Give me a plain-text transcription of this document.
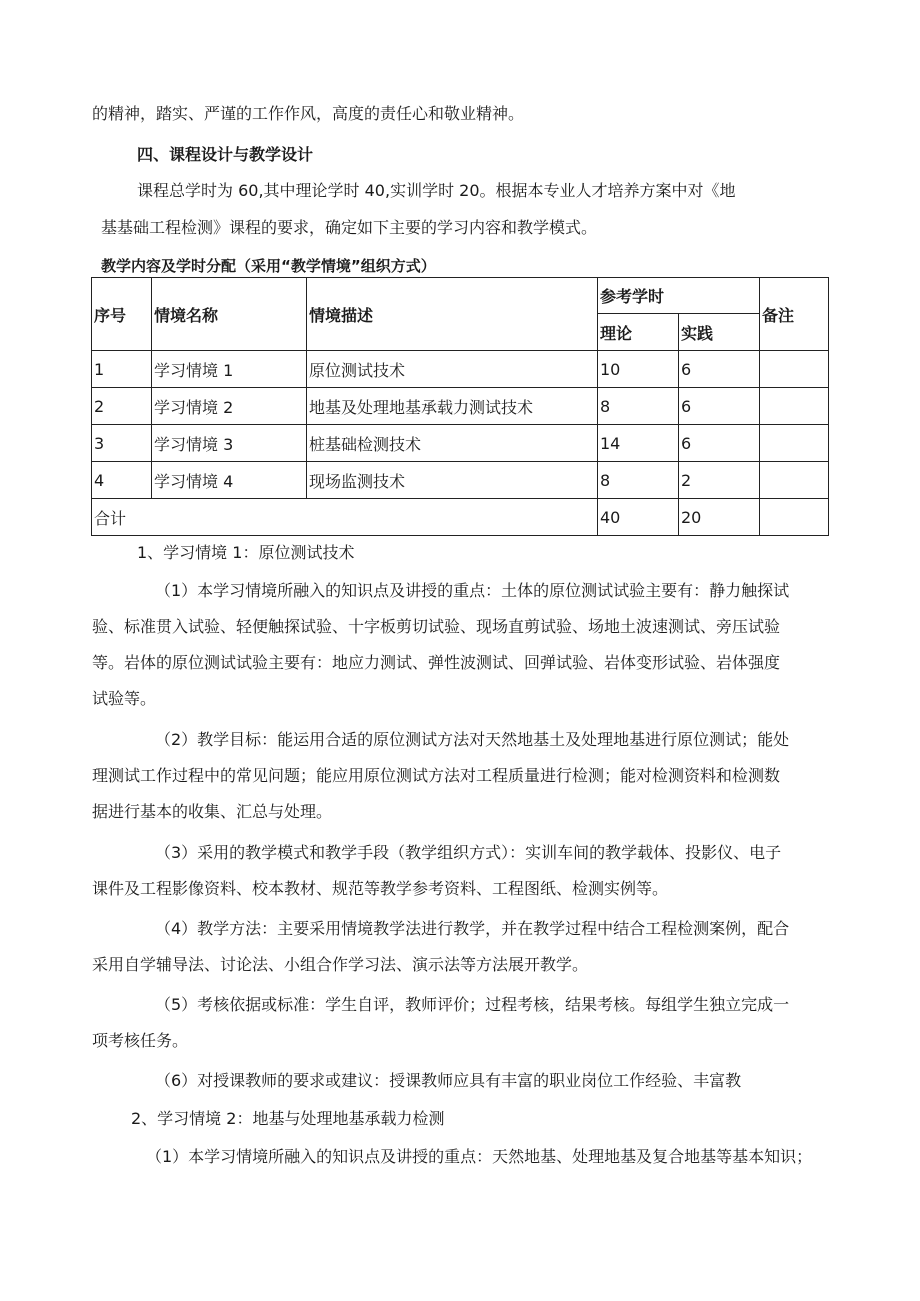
的精神，踏实、严谨的工作作风，高度的责任心和敬业精神。
四、课程设计与教学设计
课程总学时为 60,其中理论学时 40,实训学时 20。根据本专业人才培养方案中对《地
基基础工程检测》课程的要求，确定如下主要的学习内容和教学模式。
教学内容及学时分配（采用“教学情境”组织方式）
序号	情境名称	情境描述	参考学时		备注
			理论	实践	
1	学习情境 1	原位测试技术	10	6	
2	学习情境 2	地基及处理地基承载力测试技术	8	6	
3	学习情境 3	桩基础检测技术	14	6	
4	学习情境 4	现场监测技术	8	2	
合计			40	20	
1、学习情境 1：原位测试技术
（1）本学习情境所融入的知识点及讲授的重点：土体的原位测试试验主要有：静力触探试
验、标准贯入试验、轻便触探试验、十字板剪切试验、现场直剪试验、场地土波速测试、旁压试验
等。岩体的原位测试试验主要有：地应力测试、弹性波测试、回弹试验、岩体变形试验、岩体强度
试验等。
（2）教学目标：能运用合适的原位测试方法对天然地基土及处理地基进行原位测试；能处
理测试工作过程中的常见问题；能应用原位测试方法对工程质量进行检测；能对检测资料和检测数
据进行基本的收集、汇总与处理。
（3）采用的教学模式和教学手段（教学组织方式）：实训车间的教学载体、投影仪、电子
课件及工程影像资料、校本教材、规范等教学参考资料、工程图纸、检测实例等。
（4）教学方法：主要采用情境教学法进行教学，并在教学过程中结合工程检测案例，配合
采用自学辅导法、讨论法、小组合作学习法、演示法等方法展开教学。
（5）考核依据或标准：学生自评，教师评价；过程考核，结果考核。每组学生独立完成一
项考核任务。
（6）对授课教师的要求或建议：授课教师应具有丰富的职业岗位工作经验、丰富教
2、学习情境 2：地基与处理地基承载力检测
（1）本学习情境所融入的知识点及讲授的重点：天然地基、处理地基及复合地基等基本知识；
